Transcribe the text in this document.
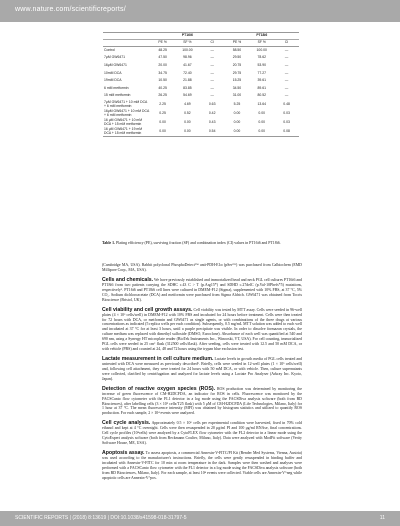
www.nature.com/scientificreports/
	PT16i6			PT18i6		
	PE %	SF %	CI	PE %	SF %	CI
Control	48.25	100.00	—	58.50	100.00	—
7μM GW6471	47.50	98.96	—	29.50	78.62	—
16μM GW6471	20.00	41.67	—	20.75	53.90	—
10mM DCA	34.75	72.40	—	29.75	77.27	—
19mM DCA	10.50	21.88	—	15.25	39.61	—
6 mM metformin	40.25	83.85	—	34.50	89.61	—
15 mM metformin	26.25	54.69	—	31.00	80.52	—
7μM GW6471 + 10 mM DCA + 6 mM metformin	2.25	4.69	0.63	5.25	13.64	0.48
16μM GW6471 + 10 mM DCA + 6 mM metformin	0.25	0.52	0.42	0.00	0.00	0.03
16 μM GW6471 + 10 mM DCA + 15 mM metformin	0.00	0.00	0.43	0.00	0.00	0.03
16 μM GW6471 + 19 mM DCA + 15 mM metformin	0.00	0.00	0.54	0.00	0.00	0.08
Table 1. Plating efficiency (PE), surviving fraction (SF) and combination index (CI) values in PT16i6 and PT18i6.

(Cambridge MA, USA). Rabbit polyclonal PhosphoDetect™ anti-PDH-E1α (pSer²⁹³) was purchased from Calbiochem (EMD Millipore Corp., MA, USA).

Cells and chemicals. We have previously established and immortalized head and neck PGL cell cultures PT16i6 and PT18i6 from two patients carrying the SDHC c.43 C > T (p.Arg15*) and SDHD c.27delC (p.Val-10Phefs*5) mutations, respectively⁹. PT16i6 and PT18i6 cell lines were cultured in DMEM-F12 (Sigma), supplemented with 10% FBS, at 37 °C, 5% CO₂. Sodium dichloroacetate (DCA) and metformin were purchased from Sigma Aldrich. GW6471 was obtained from Tocris Bioscience (Bristol, UK).

Cell viability and cell growth assays. Cell viability was tested by MTT assay. Cells were seeded in 96-well plates (4 × 10³ cells/well) in DMEM-F12 with 10% FBS and incubated for 24 hours before treatment. Cells were then treated for 72 hours with DCA, or metformin and GW6471 as single agents, or with combinations of the three drugs at various concentrations as indicated (5 replica wells per each condition). Subsequently, 0.5 mg/mL MTT solution was added to each well and incubated at 37 °C for at least 3 hours, until a purple precipitate was visible. In order to dissolve formazan crystals, the culture medium was replaced with dimethyl sulfoxide (DMSO, Euroclone). Absorbance of each well was quantified at 540 and 690 nm, using a Synergy HT microplate reader (BioTek Instruments Inc., Winooski, VT, USA). For cell counting, immortalized PGL cells were seeded in 25 cm² flask (312500 cells/flask). After seeding, cells were treated with 12.5 and 50 mM DCA, or with vehicle (PBS) and counted at 24, 48 and 72 hours using the trypan blue exclusion test.

Lactate measurement in cell culture medium. Lactate levels in growth media of PGL cells treated and untreated with DCA were measured as previously described⁹. Briefly, cells were seeded in 12-well plates (1 × 10⁵ cells/well) and, following cell attachment, they were treated for 24 hours with 50 mM DCA, or with vehicle. Then, culture supernatants were collected, clarified by centrifugation and analyzed for lactate levels using a Lactate Pro Analyser (Arkray Inc. Kyoto, Japan).

Detection of reactive oxygen species (ROS). ROS production was determined by monitoring the increase of green fluorescence of CM-H2DCFDA, an indicator for ROS in cells. Fluorescence was monitored by the FACSCanto flow cytometer with the FL1 detector in a log mode using the FACSDiva analysis software (both from BD Biosciences), after labelling cells (3 × 10⁵ cells/T25 flask) with 5 μM of CM-H2DCFDA (Life Technologies, Milano, Italy) for 1 hour at 37 °C. The mean fluorescence intensity (MFI) was obtained by histogram statistics and utilized to quantify ROS production. For each sample, 2 × 10⁴ events were analyzed.

Cell cycle analysis. Approximately 0.5 × 10⁶ cells per experimental condition were harvested, fixed in 70% cold ethanol and kept at 4 °C overnight. Cells were then resuspended in 20 μg/ml PI and 100 μg/ml RNAse, final concentrations. Cell cycle profiles (10⁴cells) were analyzed by a CytoFLEX flow cytometer with the FL2 detector in a linear mode using the CytoExpert analysis software (both from Beckmann Coulter, Milano, Italy). Data were analyzed with ModFit software (Verity Software House, ME, USA).

Apoptosis assay. To assess apoptosis, a commercial Annexin-V-FITC/PI Kit (Bender Med Systems, Vienna, Austria) was used according to the manufacturer's instructions. Briefly, the cells were gently resuspended in binding buffer and incubated with Annexin-V-FITC for 10 min at room temperature in the dark. Samples were then washed and analyses were performed with a FACSCanto flow cytometer with the FL1 detector in a log mode using the FACSDiva analysis software (both from BD Biosciences, Milano, Italy). For each sample, at least 10⁴ events were collected. Viable cells are Annexin-V^neg while apoptotic cells are Annexin-V^pos.

SCIENTIFIC REPORTS | (2018) 8:13619 | DOI:10.1038/s41598-018-31797-5	11
